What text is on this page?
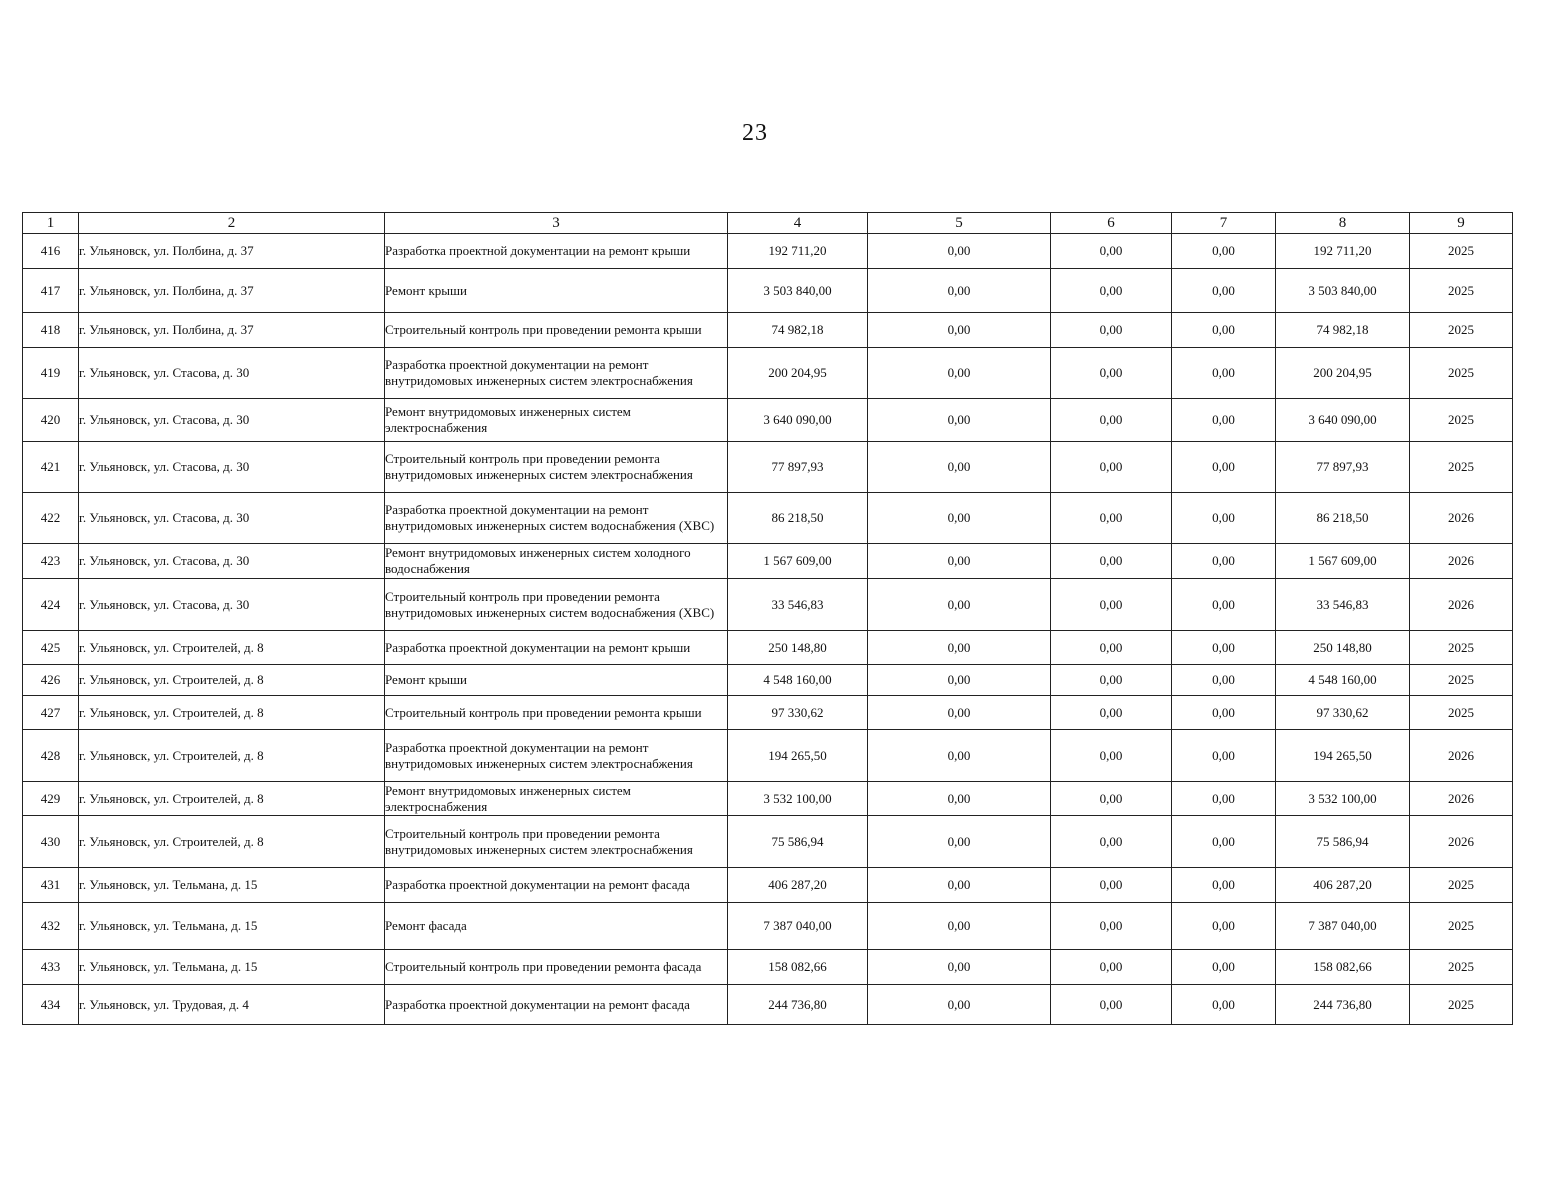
23
1	2	3	4	5	6	7	8	9
416	г. Ульяновск, ул. Полбина, д. 37	Разработка проектной документации на ремонт крыши	192 711,20	0,00	0,00	0,00	192 711,20	2025
417	г. Ульяновск, ул. Полбина, д. 37	Ремонт крыши	3 503 840,00	0,00	0,00	0,00	3 503 840,00	2025
418	г. Ульяновск, ул. Полбина, д. 37	Строительный контроль при проведении ремонта крыши	74 982,18	0,00	0,00	0,00	74 982,18	2025
419	г. Ульяновск, ул. Стасова, д. 30	Разработка проектной документации на ремонт внутридомовых инженерных систем электроснабжения	200 204,95	0,00	0,00	0,00	200 204,95	2025
420	г. Ульяновск, ул. Стасова, д. 30	Ремонт внутридомовых инженерных систем электроснабжения	3 640 090,00	0,00	0,00	0,00	3 640 090,00	2025
421	г. Ульяновск, ул. Стасова, д. 30	Строительный контроль при проведении ремонта внутридомовых инженерных систем электроснабжения	77 897,93	0,00	0,00	0,00	77 897,93	2025
422	г. Ульяновск, ул. Стасова, д. 30	Разработка проектной документации на ремонт внутридомовых инженерных систем водоснабжения (ХВС)	86 218,50	0,00	0,00	0,00	86 218,50	2026
423	г. Ульяновск, ул. Стасова, д. 30	Ремонт внутридомовых инженерных систем холодного водоснабжения	1 567 609,00	0,00	0,00	0,00	1 567 609,00	2026
424	г. Ульяновск, ул. Стасова, д. 30	Строительный контроль при проведении ремонта внутридомовых инженерных систем водоснабжения (ХВС)	33 546,83	0,00	0,00	0,00	33 546,83	2026
425	г. Ульяновск, ул. Строителей, д. 8	Разработка проектной документации на ремонт крыши	250 148,80	0,00	0,00	0,00	250 148,80	2025
426	г. Ульяновск, ул. Строителей, д. 8	Ремонт крыши	4 548 160,00	0,00	0,00	0,00	4 548 160,00	2025
427	г. Ульяновск, ул. Строителей, д. 8	Строительный контроль при проведении ремонта крыши	97 330,62	0,00	0,00	0,00	97 330,62	2025
428	г. Ульяновск, ул. Строителей, д. 8	Разработка проектной документации на ремонт внутридомовых инженерных систем электроснабжения	194 265,50	0,00	0,00	0,00	194 265,50	2026
429	г. Ульяновск, ул. Строителей, д. 8	Ремонт внутридомовых инженерных систем электроснабжения	3 532 100,00	0,00	0,00	0,00	3 532 100,00	2026
430	г. Ульяновск, ул. Строителей, д. 8	Строительный контроль при проведении ремонта внутридомовых инженерных систем электроснабжения	75 586,94	0,00	0,00	0,00	75 586,94	2026
431	г. Ульяновск, ул. Тельмана, д. 15	Разработка проектной документации на ремонт фасада	406 287,20	0,00	0,00	0,00	406 287,20	2025
432	г. Ульяновск, ул. Тельмана, д. 15	Ремонт фасада	7 387 040,00	0,00	0,00	0,00	7 387 040,00	2025
433	г. Ульяновск, ул. Тельмана, д. 15	Строительный контроль при проведении ремонта фасада	158 082,66	0,00	0,00	0,00	158 082,66	2025
434	г. Ульяновск, ул. Трудовая, д. 4	Разработка проектной документации на ремонт фасада	244 736,80	0,00	0,00	0,00	244 736,80	2025
